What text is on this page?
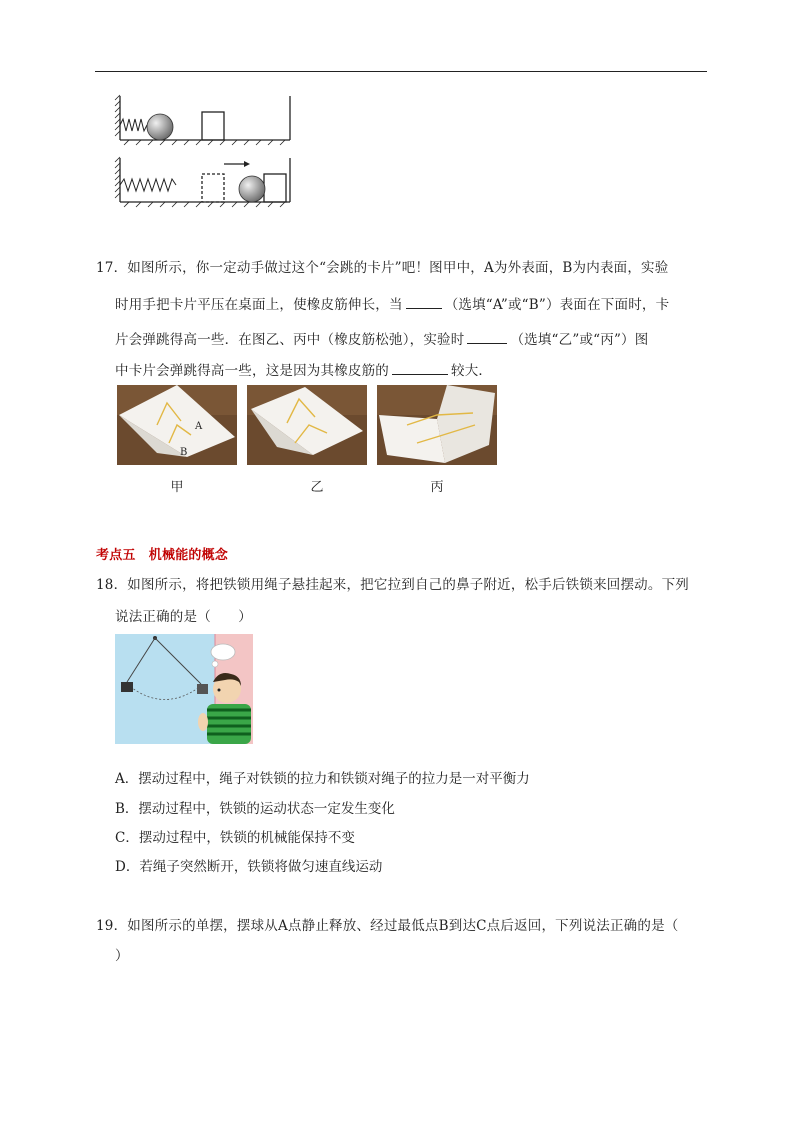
17．如图所示，你一定动手做过这个“会跳的卡片”吧！图甲中，A为外表面，B为内表面，实验
时用手把卡片平压在桌面上，使橡皮筋伸长，当	（选填“A”或“B”）表面在下面时，卡
片会弹跳得高一些．在图乙、丙中（橡皮筋松弛），实验时	（选填“乙”或“丙”）图
中卡片会弹跳得高一些，这是因为其橡皮筋的	较大．
A
B
甲	乙	丙
考点五　机械能的概念
18．如图所示，将把铁锁用绳子悬挂起来，把它拉到自己的鼻子附近，松手后铁锁来回摆动。下列
说法正确的是（　　）
A．摆动过程中，绳子对铁锁的拉力和铁锁对绳子的拉力是一对平衡力
B．摆动过程中，铁锁的运动状态一定发生变化
C．摆动过程中，铁锁的机械能保持不变
D．若绳子突然断开，铁锁将做匀速直线运动
19．如图所示的单摆，摆球从A点静止释放、经过最低点B到达C点后返回，下列说法正确的是（
）
